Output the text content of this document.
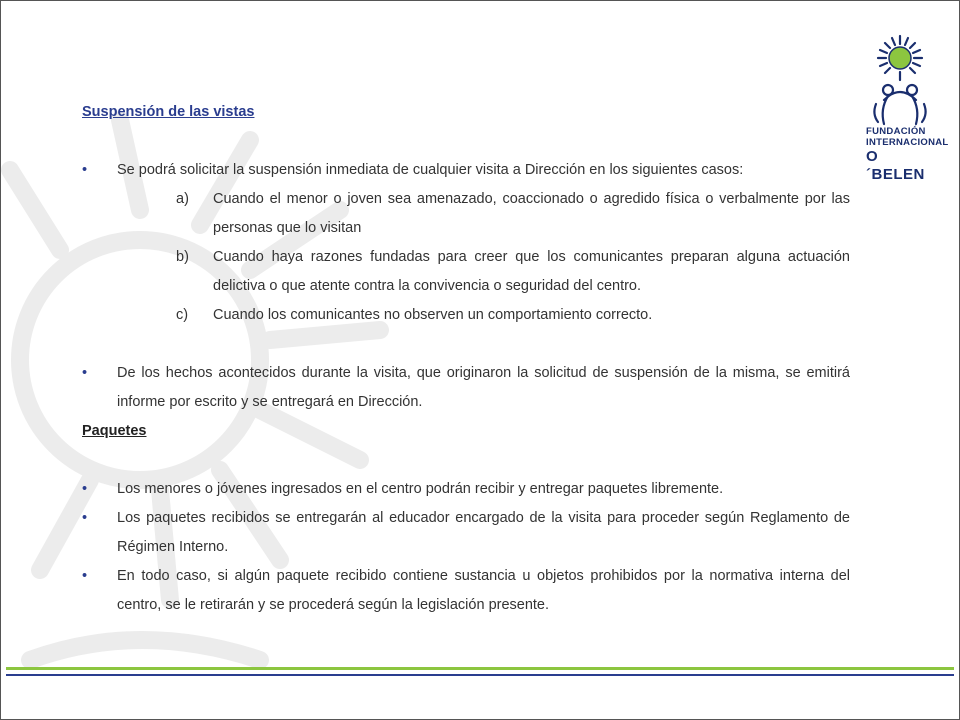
FUNDACIÓN
INTERNACIONAL
O´BELEN

Suspensión de las vistas

• Se podrá solicitar la suspensión inmediata de cualquier visita a Dirección en los siguientes casos:

a) Cuando el menor o joven sea amenazado, coaccionado o agredido física o verbalmente por las personas que lo visitan

b) Cuando haya razones fundadas para creer que los comunicantes preparan alguna actuación delictiva o que atente contra la convivencia o seguridad del centro.

c) Cuando los comunicantes no observen un comportamiento correcto.

• De los hechos acontecidos durante la visita, que originaron la solicitud de suspensión de la misma, se emitirá informe por escrito y se entregará en Dirección.

Paquetes

• Los menores o jóvenes ingresados en el centro podrán recibir y entregar paquetes libremente.

• Los paquetes recibidos se entregarán al educador encargado de la visita para proceder según Reglamento de Régimen Interno.

• En todo caso, si algún paquete recibido contiene sustancia u objetos prohibidos por la normativa interna del centro, se le retirarán y se procederá según la legislación presente.
